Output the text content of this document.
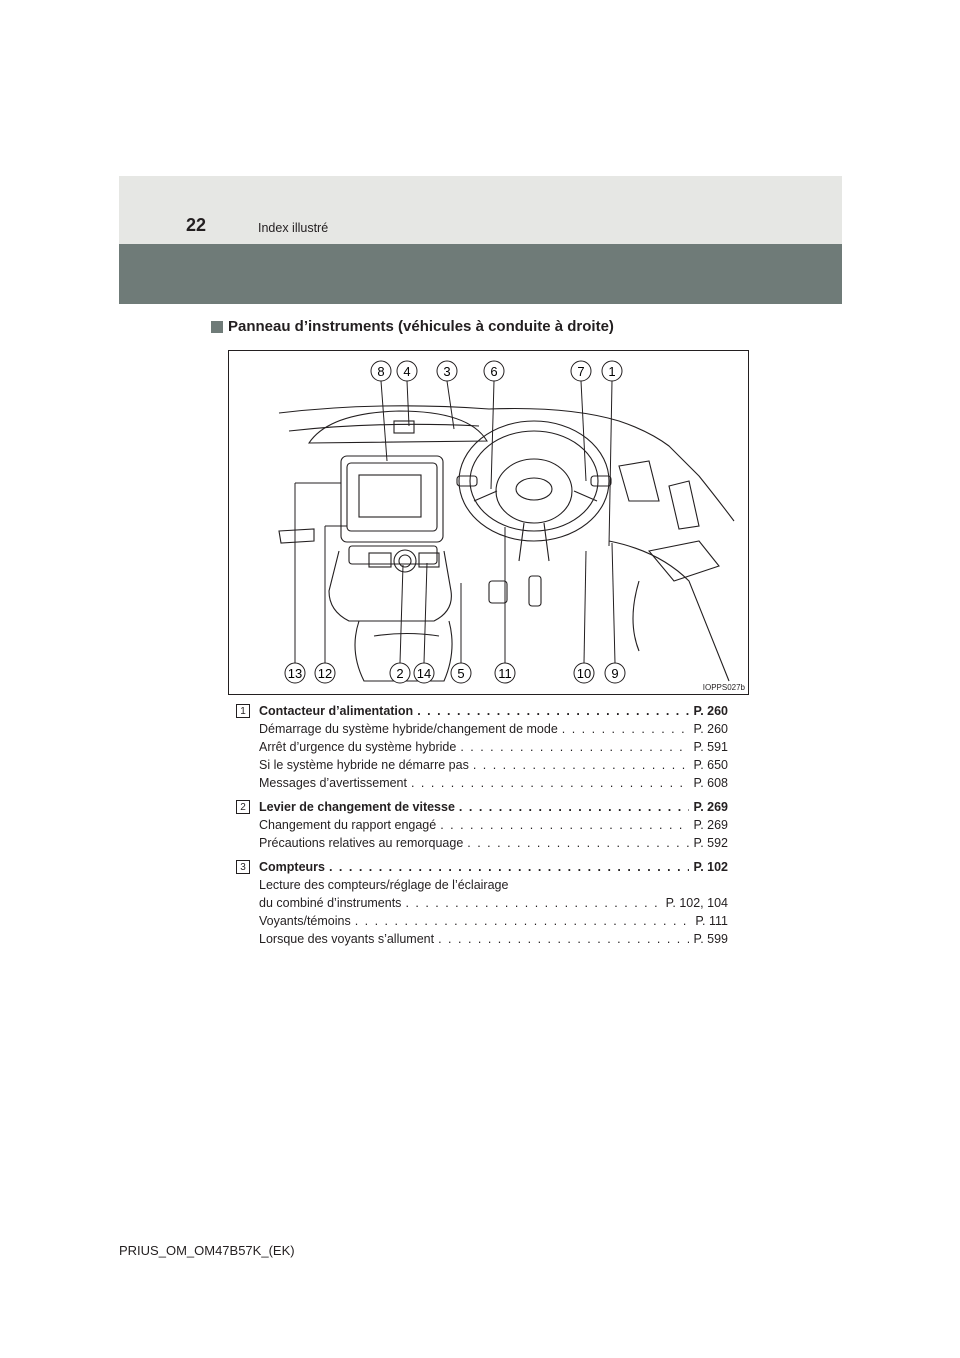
22	Index illustré
Panneau d’instruments (véhicules à conduite à droite)
8 4	3	6	7 1
13 12	2 14 5	11	10 9
IOPPS027b
1	Contacteur d’alimentation . . .	P. 260
Démarrage du système hybride/changement de mode . . .	P. 260
Arrêt d’urgence du système hybride . . .	P. 591
Si le système hybride ne démarre pas . . .	P. 650
Messages d’avertissement . . .	P. 608
2	Levier de changement de vitesse . . .	P. 269
Changement du rapport engagé . . .	P. 269
Précautions relatives au remorquage . . .	P. 592
3	Compteurs . . .	P. 102
Lecture des compteurs/réglage de l’éclairage
du combiné d’instruments . . .	P. 102, 104
Voyants/témoins . . .	P. 111
Lorsque des voyants s’allument . . .	P. 599
PRIUS_OM_OM47B57K_(EK)
